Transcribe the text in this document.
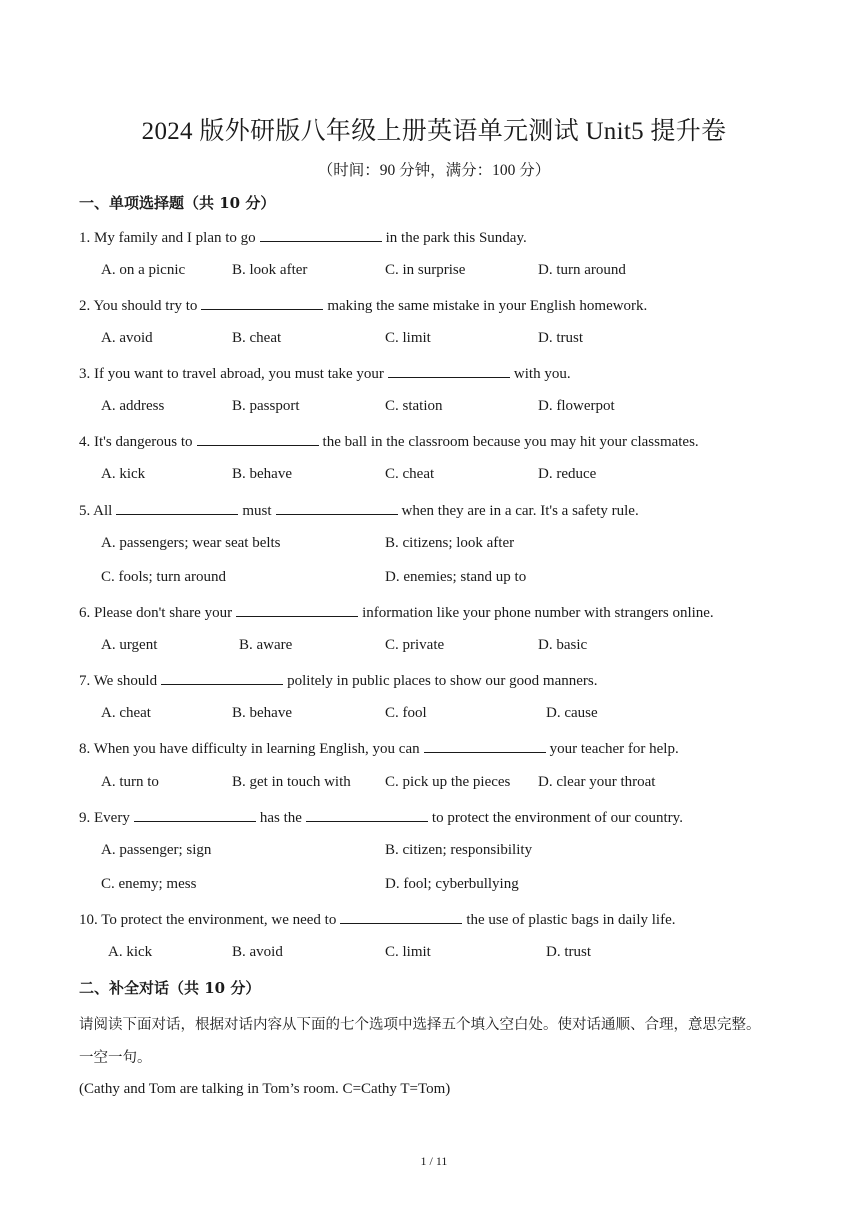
2024 版外研版八年级上册英语单元测试 Unit5 提升卷
（时间：90 分钟，满分：100 分）
一、单项选择题（共 10 分）
1. My family and I plan to go	in the park this Sunday.
A. on a picnic	B. look after	C. in surprise	D. turn around
2. You should try to	making the same mistake in your English homework.
A. avoid	B. cheat	C. limit	D. trust
3. If you want to travel abroad, you must take your	with you.
A. address	B. passport	C. station	D. flowerpot
4. It's dangerous to	the ball in the classroom because you may hit your classmates.
A. kick	B. behave	C. cheat	D. reduce
5. All	must	when they are in a car. It's a safety rule.
A. passengers; wear seat belts	B. citizens; look after
C. fools; turn around	D. enemies; stand up to
6. Please don't share your	information like your phone number with strangers online.
A. urgent	B. aware	C. private	D. basic
7. We should	politely in public places to show our good manners.
A. cheat	B. behave	C. fool	D. cause
8. When you have difficulty in learning English, you can	your teacher for help.
A. turn to	B. get in touch with C. pick up the pieces D. clear your throat
9. Every	has the	to protect the environment of our country.
A. passenger; sign	B. citizen; responsibility
C. enemy; mess	D. fool; cyberbullying
10. To protect the environment, we need to	the use of plastic bags in daily life.
A. kick	B. avoid	C. limit	D. trust
二、补全对话（共 10 分）
请阅读下面对话，根据对话内容从下面的七个选项中选择五个填入空白处。使对话通顺、合理，意思完整。
一空一句。
(Cathy and Tom are talking in Tom’s room. C=Cathy T=Tom)
1 / 11
